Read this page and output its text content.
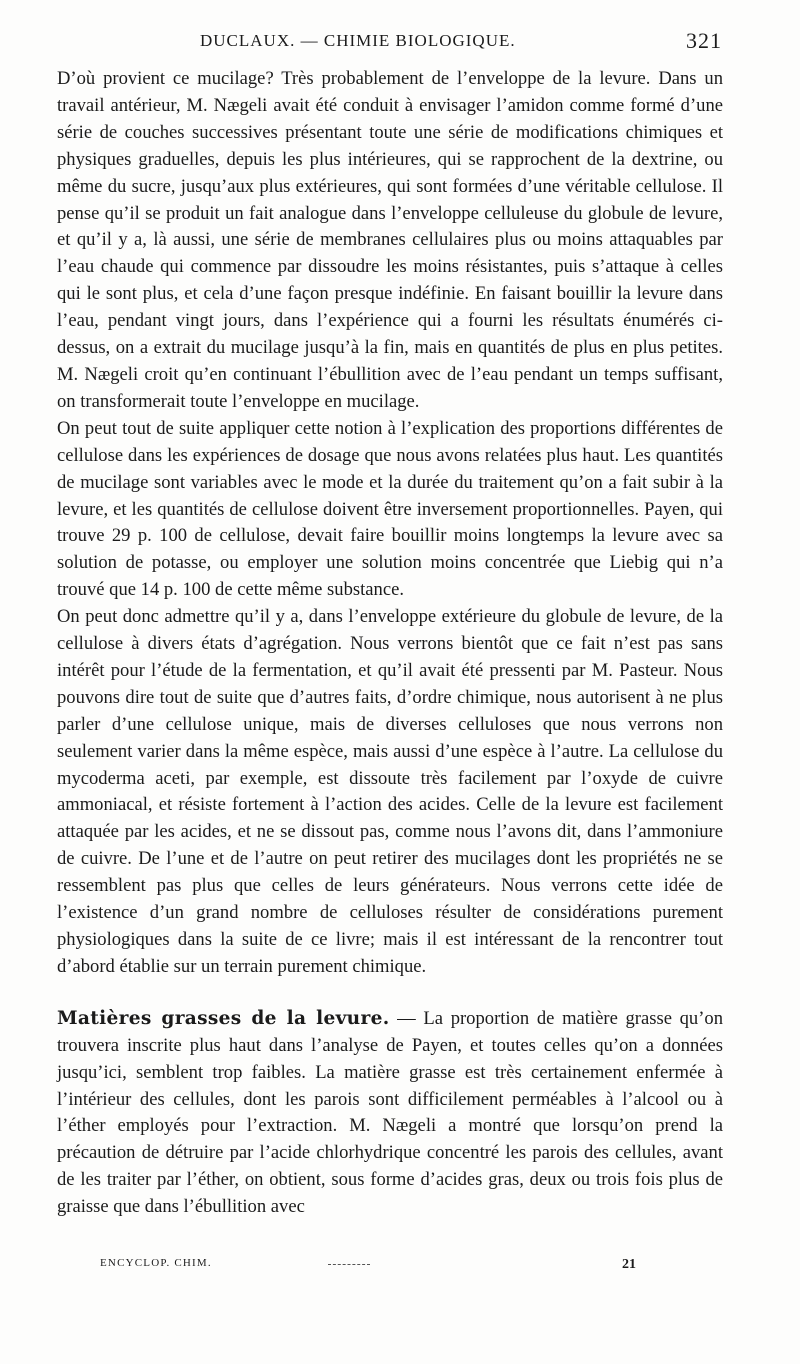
DUCLAUX. — CHIMIE BIOLOGIQUE.	321

D’où provient ce mucilage? Très probablement de l’enveloppe de la levure. Dans un travail antérieur, M. Nægeli avait été conduit à envisager l’amidon comme formé d’une série de couches successives présentant toute une série de modifications chimiques et physiques graduelles, depuis les plus intérieures, qui se rapprochent de la dextrine, ou même du sucre, jusqu’aux plus extérieures, qui sont formées d’une véritable cellulose. Il pense qu’il se produit un fait analogue dans l’enveloppe celluleuse du globule de levure, et qu’il y a, là aussi, une série de membranes cellulaires plus ou moins attaquables par l’eau chaude qui commence par dissoudre les moins résistantes, puis s’attaque à celles qui le sont plus, et cela d’une façon presque indéfinie. En faisant bouillir la levure dans l’eau, pendant vingt jours, dans l’expérience qui a fourni les résultats énumérés ci-dessus, on a extrait du mucilage jusqu’à la fin, mais en quantités de plus en plus petites. M. Nægeli croit qu’en continuant l’ébullition avec de l’eau pendant un temps suffisant, on transformerait toute l’enveloppe en mucilage.

On peut tout de suite appliquer cette notion à l’explication des proportions différentes de cellulose dans les expériences de dosage que nous avons relatées plus haut. Les quantités de mucilage sont variables avec le mode et la durée du traitement qu’on a fait subir à la levure, et les quantités de cellulose doivent être inversement proportionnelles. Payen, qui trouve 29 p. 100 de cellulose, devait faire bouillir moins longtemps la levure avec sa solution de potasse, ou employer une solution moins concentrée que Liebig qui n’a trouvé que 14 p. 100 de cette même substance.

On peut donc admettre qu’il y a, dans l’enveloppe extérieure du globule de levure, de la cellulose à divers états d’agrégation. Nous verrons bientôt que ce fait n’est pas sans intérêt pour l’étude de la fermentation, et qu’il avait été pressenti par M. Pasteur. Nous pouvons dire tout de suite que d’autres faits, d’ordre chimique, nous autorisent à ne plus parler d’une cellulose unique, mais de diverses celluloses que nous verrons non seulement varier dans la même espèce, mais aussi d’une espèce à l’autre. La cellulose du mycoderma aceti, par exemple, est dissoute très facilement par l’oxyde de cuivre ammoniacal, et résiste fortement à l’action des acides. Celle de la levure est facilement attaquée par les acides, et ne se dissout pas, comme nous l’avons dit, dans l’ammoniure de cuivre. De l’une et de l’autre on peut retirer des mucilages dont les propriétés ne se ressemblent pas plus que celles de leurs générateurs. Nous verrons cette idée de l’existence d’un grand nombre de celluloses résulter de considérations purement physiologiques dans la suite de ce livre; mais il est intéressant de la rencontrer tout d’abord établie sur un terrain purement chimique.

Matières grasses de la levure. — La proportion de matière grasse qu’on trouvera inscrite plus haut dans l’analyse de Payen, et toutes celles qu’on a données jusqu’ici, semblent trop faibles. La matière grasse est très certainement enfermée à l’intérieur des cellules, dont les parois sont difficilement perméables à l’alcool ou à l’éther employés pour l’extraction. M. Nægeli a montré que lorsqu’on prend la précaution de détruire par l’acide chlorhydrique concentré les parois des cellules, avant de les traiter par l’éther, on obtient, sous forme d’acides gras, deux ou trois fois plus de graisse que dans l’ébullition avec

ENCYCLOP. CHIM.	21
